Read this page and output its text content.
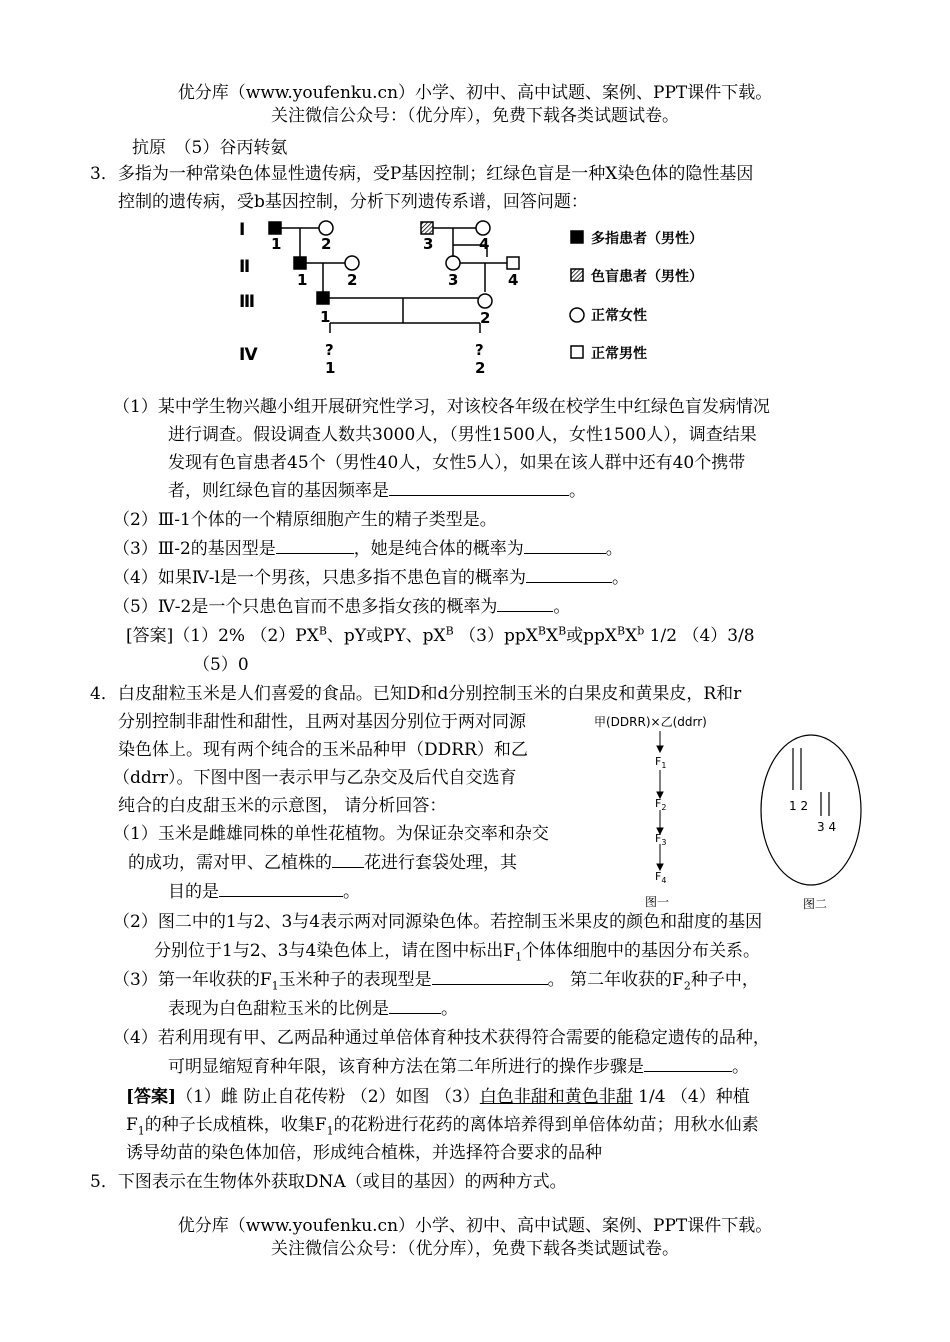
优分库（www.youfenku.cn）小学、初中、高中试题、案例、PPT课件下载。
关注微信公众号：（优分库），免费下载各类试题试卷。
抗原　（5）谷丙转氨
3．多指为一种常染色体显性遗传病，受P基因控制；红绿色盲是一种X染色体的隐性基因
控制的遗传病，受b基因控制，分析下列遗传系谱，回答问题：
Ⅰ
Ⅱ
Ⅲ
Ⅳ
1	2	3	4
1	2	3	4
1	2
?
1
?
2
多指患者（男性）
色盲患者（男性）
正常女性
正常男性
（1）某中学生物兴趣小组开展研究性学习，对该校各年级在校学生中红绿色盲发病情况
进行调查。假设调查人数共3000人，（男性1500人，女性1500人），调查结果
发现有色盲患者45个（男性40人，女性5人），如果在该人群中还有40个携带
者，则红绿色盲的基因频率是	。
（2）Ⅲ-1个体的一个精原细胞产生的精子类型是。
（3）Ⅲ-2的基因型是	，她是纯合体的概率为	。
（4）如果Ⅳ-l是一个男孩，只患多指不患色盲的概率为	。
（5）Ⅳ-2是一个只患色盲而不患多指女孩的概率为	。
[答案]（1）2% $(2)PX^B$、pY或PY、$pX^B$ $(3)ppX^BX^B$或$ppX^BX^b$ 1/2 （4）3/8
（5）0
4．白皮甜粒玉米是人们喜爱的食品。已知D和d分别控制玉米的白果皮和黄果皮，R和r
分别控制非甜性和甜性，且两对基因分别位于两对同源
染色体上。现有两个纯合的玉米品种甲（DDRR）和乙
（ddrr）。下图中图一表示甲与乙杂交及后代自交选育
纯合的白皮甜玉米的示意图， 请分析回答：
（1）玉米是雌雄同株的单性花植物。为保证杂交率和杂交
的成功，需对甲、乙植株的 花进行套袋处理，其
目的是	。
甲(DDRR)×乙(ddrr)
$F_1$
$F_2$
$F_3$
$F_4$
图一
1 2
3 4
图二
（2）图二中的1与2、3与4表示两对同源染色体。若控制玉米果皮的颜色和甜度的基因
分别位于1与2、3与4染色体上，请在图中标出$F_1$个体体细胞中的基因分布关系。
（3）第一年收获的$F_1$玉米种子的表现型是	。 第二年收获的$F_2$种子中，
表现为白色甜粒玉米的比例是	。
（4）若利用现有甲、乙两品种通过单倍体育种技术获得符合需要的能稳定遗传的品种，
可明显缩短育种年限，该育种方法在第二年所进行的操作步骤是	。
[答案]（1）雌 防止自花传粉 （2）如图 （3）白色非甜和黄色非甜 1/4 （4）种植
$F_1$的种子长成植株，收集$F_1$的花粉进行花药的离体培养得到单倍体幼苗；用秋水仙素
诱导幼苗的染色体加倍，形成纯合植株，并选择符合要求的品种
5．下图表示在生物体外获取DNA（或目的基因）的两种方式。
优分库（www.youfenku.cn）小学、初中、高中试题、案例、PPT课件下载。
关注微信公众号：（优分库），免费下载各类试题试卷。
